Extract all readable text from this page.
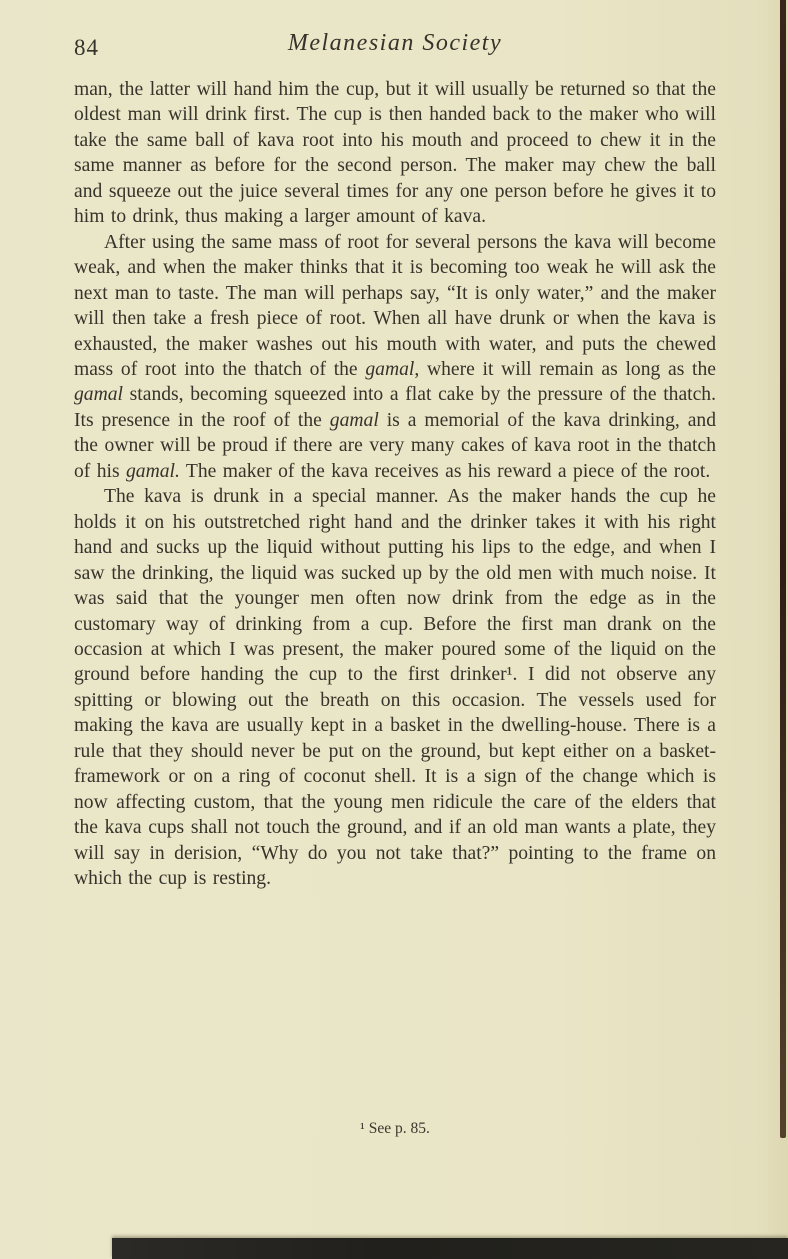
84	Melanesian Society

man, the latter will hand him the cup, but it will usually be returned so that the oldest man will drink first. The cup is then handed back to the maker who will take the same ball of kava root into his mouth and proceed to chew it in the same manner as before for the second person. The maker may chew the ball and squeeze out the juice several times for any one person before he gives it to him to drink, thus making a larger amount of kava.

After using the same mass of root for several persons the kava will become weak, and when the maker thinks that it is becoming too weak he will ask the next man to taste. The man will perhaps say, “It is only water,” and the maker will then take a fresh piece of root. When all have drunk or when the kava is exhausted, the maker washes out his mouth with water, and puts the chewed mass of root into the thatch of the gamal, where it will remain as long as the gamal stands, becoming squeezed into a flat cake by the pressure of the thatch. Its presence in the roof of the gamal is a memorial of the kava drinking, and the owner will be proud if there are very many cakes of kava root in the thatch of his gamal. The maker of the kava receives as his reward a piece of the root.

The kava is drunk in a special manner. As the maker hands the cup he holds it on his outstretched right hand and the drinker takes it with his right hand and sucks up the liquid without putting his lips to the edge, and when I saw the drinking, the liquid was sucked up by the old men with much noise. It was said that the younger men often now drink from the edge as in the customary way of drinking from a cup. Before the first man drank on the occasion at which I was present, the maker poured some of the liquid on the ground before handing the cup to the first drinker¹. I did not observe any spitting or blowing out the breath on this occasion. The vessels used for making the kava are usually kept in a basket in the dwelling-house. There is a rule that they should never be put on the ground, but kept either on a basket-framework or on a ring of coconut shell. It is a sign of the change which is now affecting custom, that the young men ridicule the care of the elders that the kava cups shall not touch the ground, and if an old man wants a plate, they will say in derision, “Why do you not take that?” pointing to the frame on which the cup is resting.

¹ See p. 85.
